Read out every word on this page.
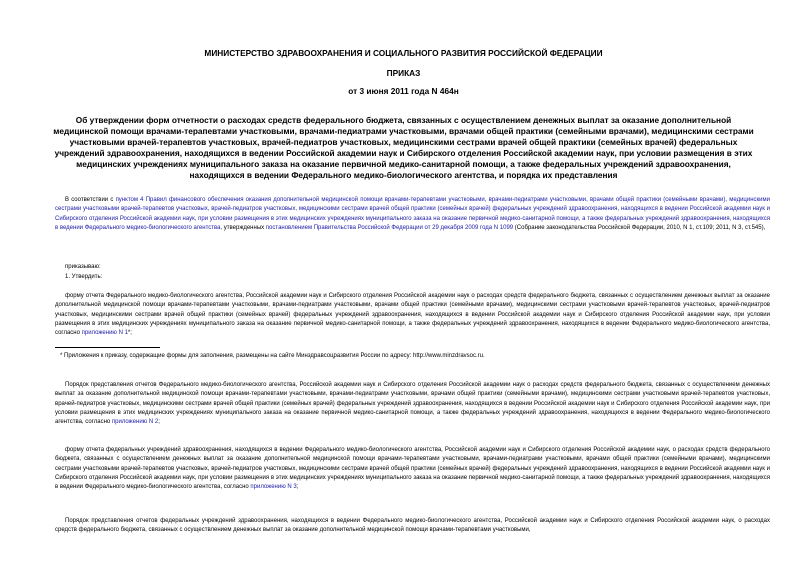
МИНИСТЕРСТВО ЗДРАВООХРАНЕНИЯ И СОЦИАЛЬНОГО РАЗВИТИЯ РОССИЙСКОЙ ФЕДЕРАЦИИ
ПРИКАЗ
от 3 июня 2011 года N 464н
Об утверждении форм отчетности о расходах средств федерального бюджета, связанных с осуществлением денежных выплат за оказание дополнительной медицинской помощи врачами-терапевтами участковыми, врачами-педиатрами участковыми, врачами общей практики (семейными врачами), медицинскими сестрами участковыми врачей-терапевтов участковых, врачей-педиатров участковых, медицинскими сестрами врачей общей практики (семейных врачей) федеральных учреждений здравоохранения, находящихся в ведении Российской академии наук и Сибирского отделения Российской академии наук, при условии размещения в этих медицинских учреждениях муниципального заказа на оказание первичной медико-санитарной помощи, а также федеральных учреждений здравоохранения, находящихся в ведении Федерального медико-биологического агентства, и порядка их представления
В соответствии с пунктом 4 Правил финансового обеспечения оказания дополнительной медицинской помощи врачами-терапевтами участковыми, врачами-педиатрами участковыми, врачами общей практики (семейными врачами), медицинскими сестрами участковыми врачей-терапевтов участковых, врачей-педиатров участковых, медицинскими сестрами врачей общей практики (семейных врачей) федеральных учреждений здравоохранения, находящихся в ведении Российской академии наук и Сибирского отделения Российской академии наук, при условии размещения в этих медицинских учреждениях муниципального заказа на оказание первичной медико-санитарной помощи, а также федеральных учреждений здравоохранения, находящихся в ведении Федерального медико-биологического агентства, утвержденных постановлением Правительства Российской Федерации от 29 декабря 2009 года N 1099 (Собрание законодательства Российской Федерации, 2010, N 1, ст.109; 2011, N 3, ст.545),
приказываю:
1. Утвердить:
форму отчета Федерального медико-биологического агентства, Российской академии наук и Сибирского отделения Российской академии наук о расходах средств федерального бюджета, связанных с осуществлением денежных выплат за оказание дополнительной медицинской помощи врачами-терапевтами участковыми, врачами-педиатрами участковыми, врачами общей практики (семейными врачами), медицинскими сестрами участковыми врачей-терапевтов участковых, врачей-педиатров участковых, медицинскими сестрами врачей общей практики (семейных врачей) федеральных учреждений здравоохранения, находящихся в ведении Российской академии наук и Сибирского отделения Российской академии наук, при условии размещения в этих медицинских учреждениях муниципального заказа на оказание первичной медико-санитарной помощи, а также федеральных учреждений здравоохранения, находящихся в ведении Федерального медико-биологического агентства, согласно приложению N 1*;
* Приложения к приказу, содержащие формы для заполнения, размещены на сайте Минздравсоцразвития России по адресу: http://www.minzdravsoc.ru.
Порядок представления отчетов Федерального медико-биологического агентства, Российской академии наук и Сибирского отделения Российской академии наук о расходах средств федерального бюджета, связанных с осуществлением денежных выплат за оказание дополнительной медицинской помощи врачами-терапевтами участковыми, врачами-педиатрами участковыми, врачами общей практики (семейными врачами), медицинскими сестрами участковыми врачей-терапевтов участковых, врачей-педиатров участковых, медицинскими сестрами врачей общей практики (семейных врачей) федеральных учреждений здравоохранения, находящихся в ведении Российской академии наук и Сибирского отделения Российской академии наук, при условии размещения в этих медицинских учреждениях муниципального заказа на оказание первичной медико-санитарной помощи, а также федеральных учреждений здравоохранения, находящихся в ведении Федерального медико-биологического агентства, согласно приложению N 2;
форму отчета федеральных учреждений здравоохранения, находящихся в ведении Федерального медико-биологического агентства, Российской академии наук и Сибирского отделения Российской академии наук, о расходах средств федерального бюджета, связанных с осуществлением денежных выплат за оказание дополнительной медицинской помощи врачами-терапевтами участковыми, врачами-педиатрами участковыми, врачами общей практики (семейными врачами), медицинскими сестрами участковыми врачей-терапевтов участковых, врачей-педиатров участковых, медицинскими сестрами врачей общей практики (семейных врачей) федеральных учреждений здравоохранения, находящихся в ведении Российской академии наук и Сибирского отделения Российской академии наук, при условии размещения в этих медицинских учреждениях муниципального заказа на оказание первичной медико-санитарной помощи, а также федеральных учреждений здравоохранения, находящихся в ведении Федерального медико-биологического агентства, согласно приложению N 3;
Порядок представления отчетов федеральных учреждений здравоохранения, находящихся в ведении Федерального медико-биологического агентства, Российской академии наук и Сибирского отделения Российской академии наук, о расходах средств федерального бюджета, связанных с осуществлением денежных выплат за оказание дополнительной медицинской помощи врачами-терапевтами участковыми,
